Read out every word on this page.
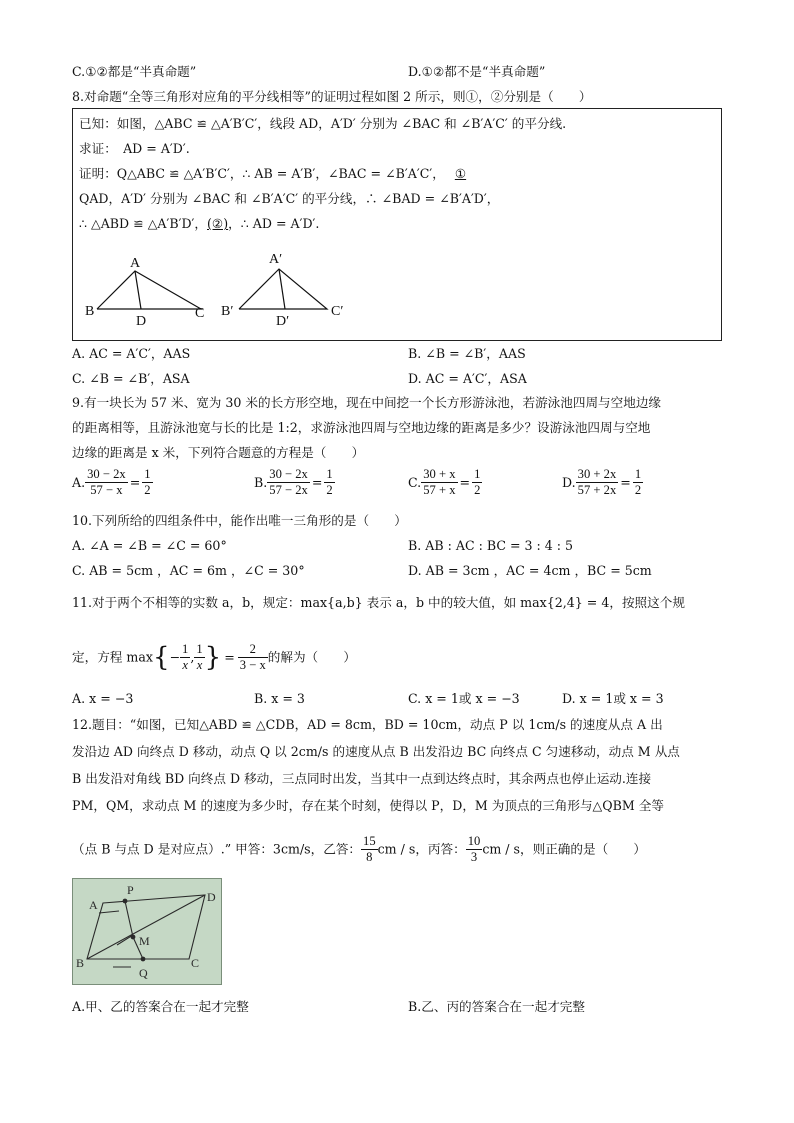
C.①②都是“半真命题”	D.①②都不是“半真命题”
8.对命题“全等三角形对应角的平分线相等”的证明过程如图 2 所示，则①，②分别是（　　）
已知：如图，△ABC ≌ △A′B′C′，线段 AD，A′D′ 分别为 ∠BAC 和 ∠B′A′C′ 的平分线.
求证：　AD = A′D′.
证明：Q△ABC ≌ △A′B′C′，∴ AB = A′B′，∠BAC = ∠B′A′C′， ①
QAD，A′D′ 分别为 ∠BAC 和 ∠B′A′C′ 的平分线，∴ ∠BAD = ∠B′A′D′，
∴ △ABD ≌ △A′B′D′，(②)，∴ AD = A′D′.
A
B	C
D
A′
B′	C′
D′
A. AC = A′C′，AAS	B. ∠B = ∠B′，AAS
C. ∠B = ∠B′，ASA	D. AC = A′C′，ASA
9.有一块长为 57 米、宽为 30 米的长方形空地，现在中间挖一个长方形游泳池，若游泳池四周与空地边缘
的距离相等，且游泳池宽与长的比是 1:2，求游泳池四周与空地边缘的距离是多少？设游泳池四周与空地
边缘的距离是 x 米，下列符合题意的方程是（　　）
A. $\frac{30 - 2x}{57 - x} = \frac{1}{2}$	B. $\frac{30 - 2x}{57 - 2x} = \frac{1}{2}$	C. $\frac{30 + x}{57 + x} = \frac{1}{2}$	D. $\frac{30 + 2x}{57 + 2x} = \frac{1}{2}$
10.下列所给的四组条件中，能作出唯一三角形的是（　　）
A. ∠A = ∠B = ∠C = 60°	B. AB : AC : BC = 3 : 4 : 5
C. AB = 5cm ，AC = 6m ，∠C = 30°	D. AB = 3cm ，AC = 4cm ，BC = 5cm
11.对于两个不相等的实数 a，b，规定：max{a,b} 表示 a，b 中的较大值，如 max{2,4} = 4，按照这个规
定，方程 $\max\{- \frac{1}{x}$ , $\frac{1}{x}$ } = $\frac{2}{3 - x}$ 的解为（　　）
A. x = −3	B. x = 3	C. x = 1或 x = −3	D. x = 1或 x = 3
12.题目：“如图，已知△ABD ≌ △CDB，AD = 8cm，BD = 10cm，动点 P 以 1cm/s 的速度从点 A 出
发沿边 AD 向终点 D 移动，动点 Q 以 2cm/s 的速度从点 B 出发沿边 BC 向终点 C 匀速移动，动点 M 从点
B 出发沿对角线 BD 向终点 D 移动，三点同时出发，当其中一点到达终点时，其余两点也停止运动.连接
PM，QM，求动点 M 的速度为多少时，存在某个时刻，使得以 P，D，M 为顶点的三角形与△QBM 全等
（点 B 与点 D 是对应点）.” 甲答：3cm/s，乙答： $\frac{15}{8}$ cm / s，丙答： $\frac{10}{3}$ cm / s，则正确的是（　　）
A
P	D
M
B
Q
C
A.甲、乙的答案合在一起才完整	B.乙、丙的答案合在一起才完整
